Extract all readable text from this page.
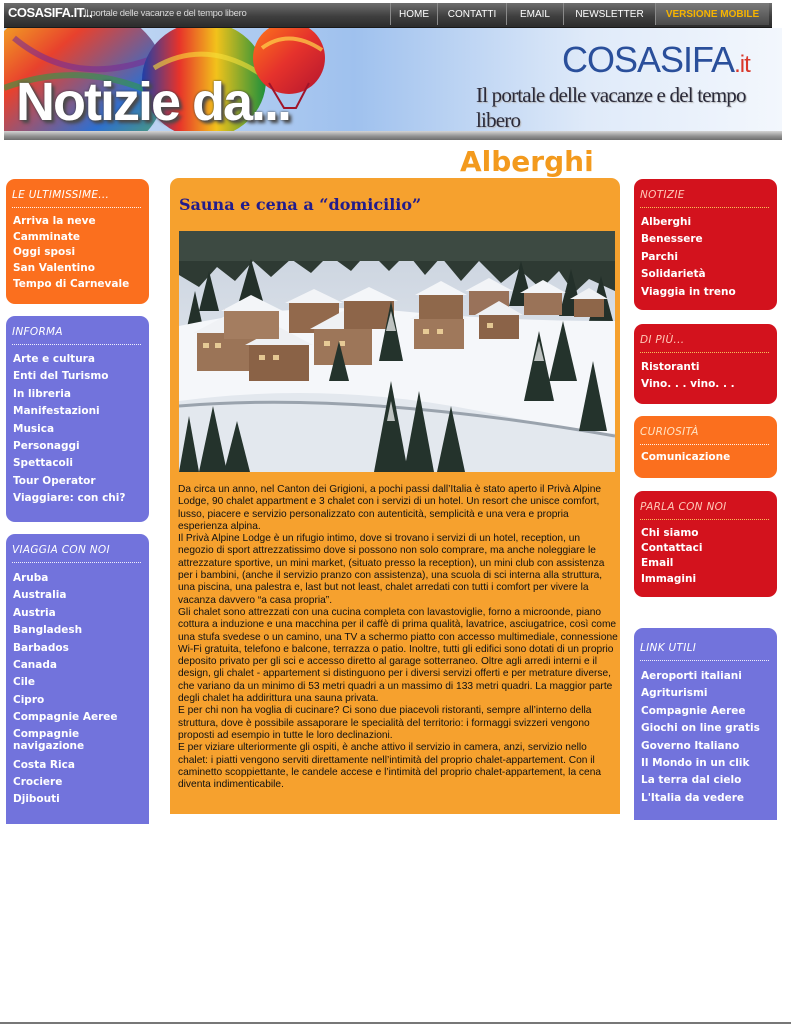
COSASIFA.IT...
Il portale delle vacanze e del tempo libero	HOME	CONTATTI	EMAIL	NEWSLETTER	VERSIONE MOBILE
Notizie da...
COSASIFA.it
Il portale delle vacanze e del tempo libero
Alberghi
LE ULTIMISSIME...
Arriva la neve
Camminate
Oggi sposi
San Valentino
Tempo di Carnevale
INFORMA
Arte e cultura
Enti del Turismo
In libreria
Manifestazioni
Musica
Personaggi
Spettacoli
Tour Operator
Viaggiare: con chi?
VIAGGIA CON NOI
Aruba
Australia
Austria
Bangladesh
Barbados
Canada
Cile
Cipro
Compagnie Aeree
Compagnie navigazione
Costa Rica
Crociere
Djibouti
Sauna e cena a “domicilio”

Da circa un anno, nel Canton dei Grigioni, a pochi passi dall’Italia è stato aperto il Privà Alpine Lodge, 90 chalet appartment e 3 chalet con i servizi di un hotel. Un resort che unisce comfort, lusso, piacere e servizio personalizzato con autenticità, semplicità e una vera e propria esperienza alpina.

Il Privà Alpine Lodge è un rifugio intimo, dove si trovano i servizi di un hotel, reception, un negozio di sport attrezzatissimo dove si possono non solo comprare, ma anche noleggiare le attrezzature sportive, un mini market, (situato presso la reception), un mini club con assistenza per i bambini, (anche il servizio pranzo con assistenza), una scuola di sci interna alla struttura, una piscina, una palestra e, last but not least, chalet arredati con tutti i comfort per vivere la vacanza davvero “a casa propria”.

Gli chalet sono attrezzati con una cucina completa con lavastoviglie, forno a microonde, piano cottura a induzione e una macchina per il caffè di prima qualità, lavatrice, asciugatrice, così come una stufa svedese o un camino, una TV a schermo piatto con accesso multimediale, connessione Wi-Fi gratuita, telefono e balcone, terrazza o patio. Inoltre, tutti gli edifici sono dotati di un proprio deposito privato per gli sci e accesso diretto al garage sotterraneo. Oltre agli arredi interni e il design, gli chalet - appartement si distinguono per i diversi servizi offerti e per metrature diverse, che variano da un minimo di 53 metri quadri a un massimo di 133 metri quadri. La maggior parte degli chalet ha addirittura una sauna privata.

E per chi non ha voglia di cucinare? Ci sono due piacevoli ristoranti, sempre all’interno della struttura, dove è possibile assaporare le specialità del territorio: i formaggi svizzeri vengono proposti ad esempio in tutte le loro declinazioni.

E per viziare ulteriormente gli ospiti, è anche attivo il servizio in camera, anzi, servizio nello chalet: i piatti vengono serviti direttamente nell’intimità del proprio chalet-appartement. Con il caminetto scoppiettante, le candele accese e l’intimità del proprio chalet-appartement, la cena diventa indimenticabile.

NOTIZIE
Alberghi
Benessere
Parchi
Solidarietà
Viaggia in treno
DI PIÙ...
Ristoranti
Vino. . . vino. . .
CURIOSITÀ
Comunicazione
PARLA CON NOI
Chi siamo
Contattaci
Email
Immagini
LINK UTILI
Aeroporti italiani
Agriturismi
Compagnie Aeree
Giochi on line gratis
Governo Italiano
Il Mondo in un clik
La terra dal cielo
L'Italia da vedere
